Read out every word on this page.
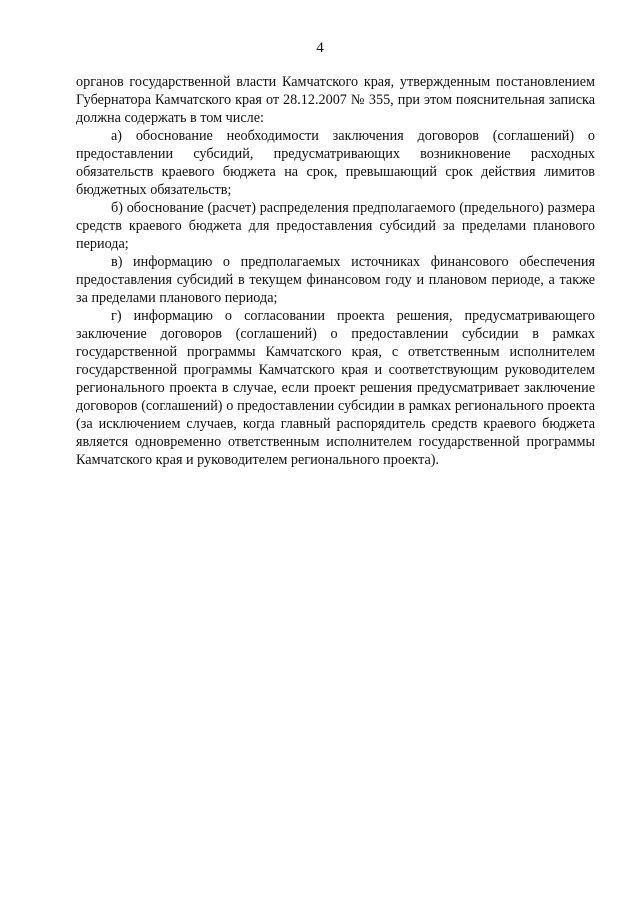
4

органов государственной власти Камчатского края, утвержденным постановлением Губернатора Камчатского края от 28.12.2007 № 355, при этом пояснительная записка должна содержать в том числе:

а) обоснование необходимости заключения договоров (соглашений) о предоставлении субсидий, предусматривающих возникновение расходных обязательств краевого бюджета на срок, превышающий срок действия лимитов бюджетных обязательств;

б) обоснование (расчет) распределения предполагаемого (предельного) размера средств краевого бюджета для предоставления субсидий за пределами планового периода;

в) информацию о предполагаемых источниках финансового обеспечения предоставления субсидий в текущем финансовом году и плановом периоде, а также за пределами планового периода;

г) информацию о согласовании проекта решения, предусматривающего заключение договоров (соглашений) о предоставлении субсидии в рамках государственной программы Камчатского края, с ответственным исполнителем государственной программы Камчатского края и соответствующим руководителем регионального проекта в случае, если проект решения предусматривает заключение договоров (соглашений) о предоставлении субсидии в рамках регионального проекта (за исключением случаев, когда главный распорядитель средств краевого бюджета является одновременно ответственным исполнителем государственной программы Камчатского края и руководителем регионального проекта).
